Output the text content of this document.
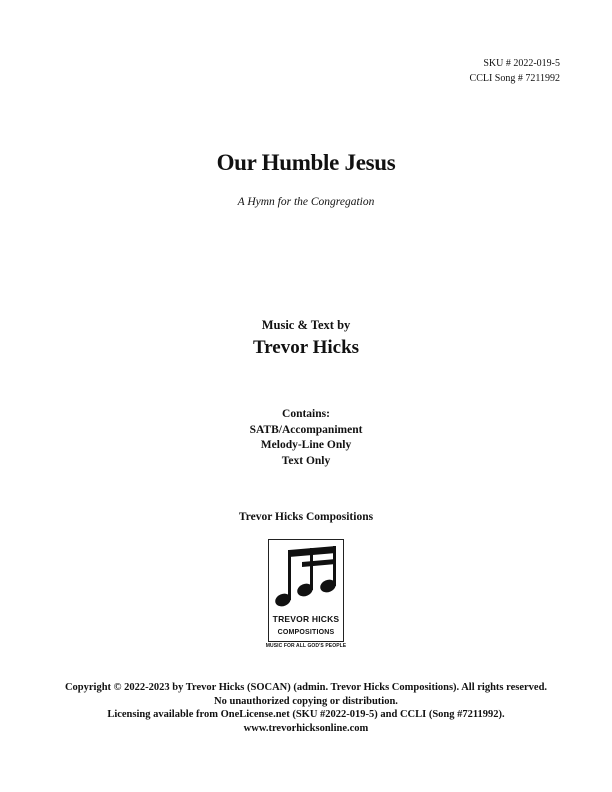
SKU # 2022-019-5
CCLI Song # 7211992
Our Humble Jesus
A Hymn for the Congregation
Music & Text by
Trevor Hicks
Contains:
SATB/Accompaniment
Melody-Line Only
Text Only
Trevor Hicks Compositions
TREVOR HICKS
COMPOSITIONS
MUSIC FOR ALL GOD'S PEOPLE
Copyright © 2022-2023 by Trevor Hicks (SOCAN) (admin. Trevor Hicks Compositions). All rights reserved.
No unauthorized copying or distribution.
Licensing available from OneLicense.net (SKU #2022-019-5) and CCLI (Song #7211992).
www.trevorhicksonline.com
